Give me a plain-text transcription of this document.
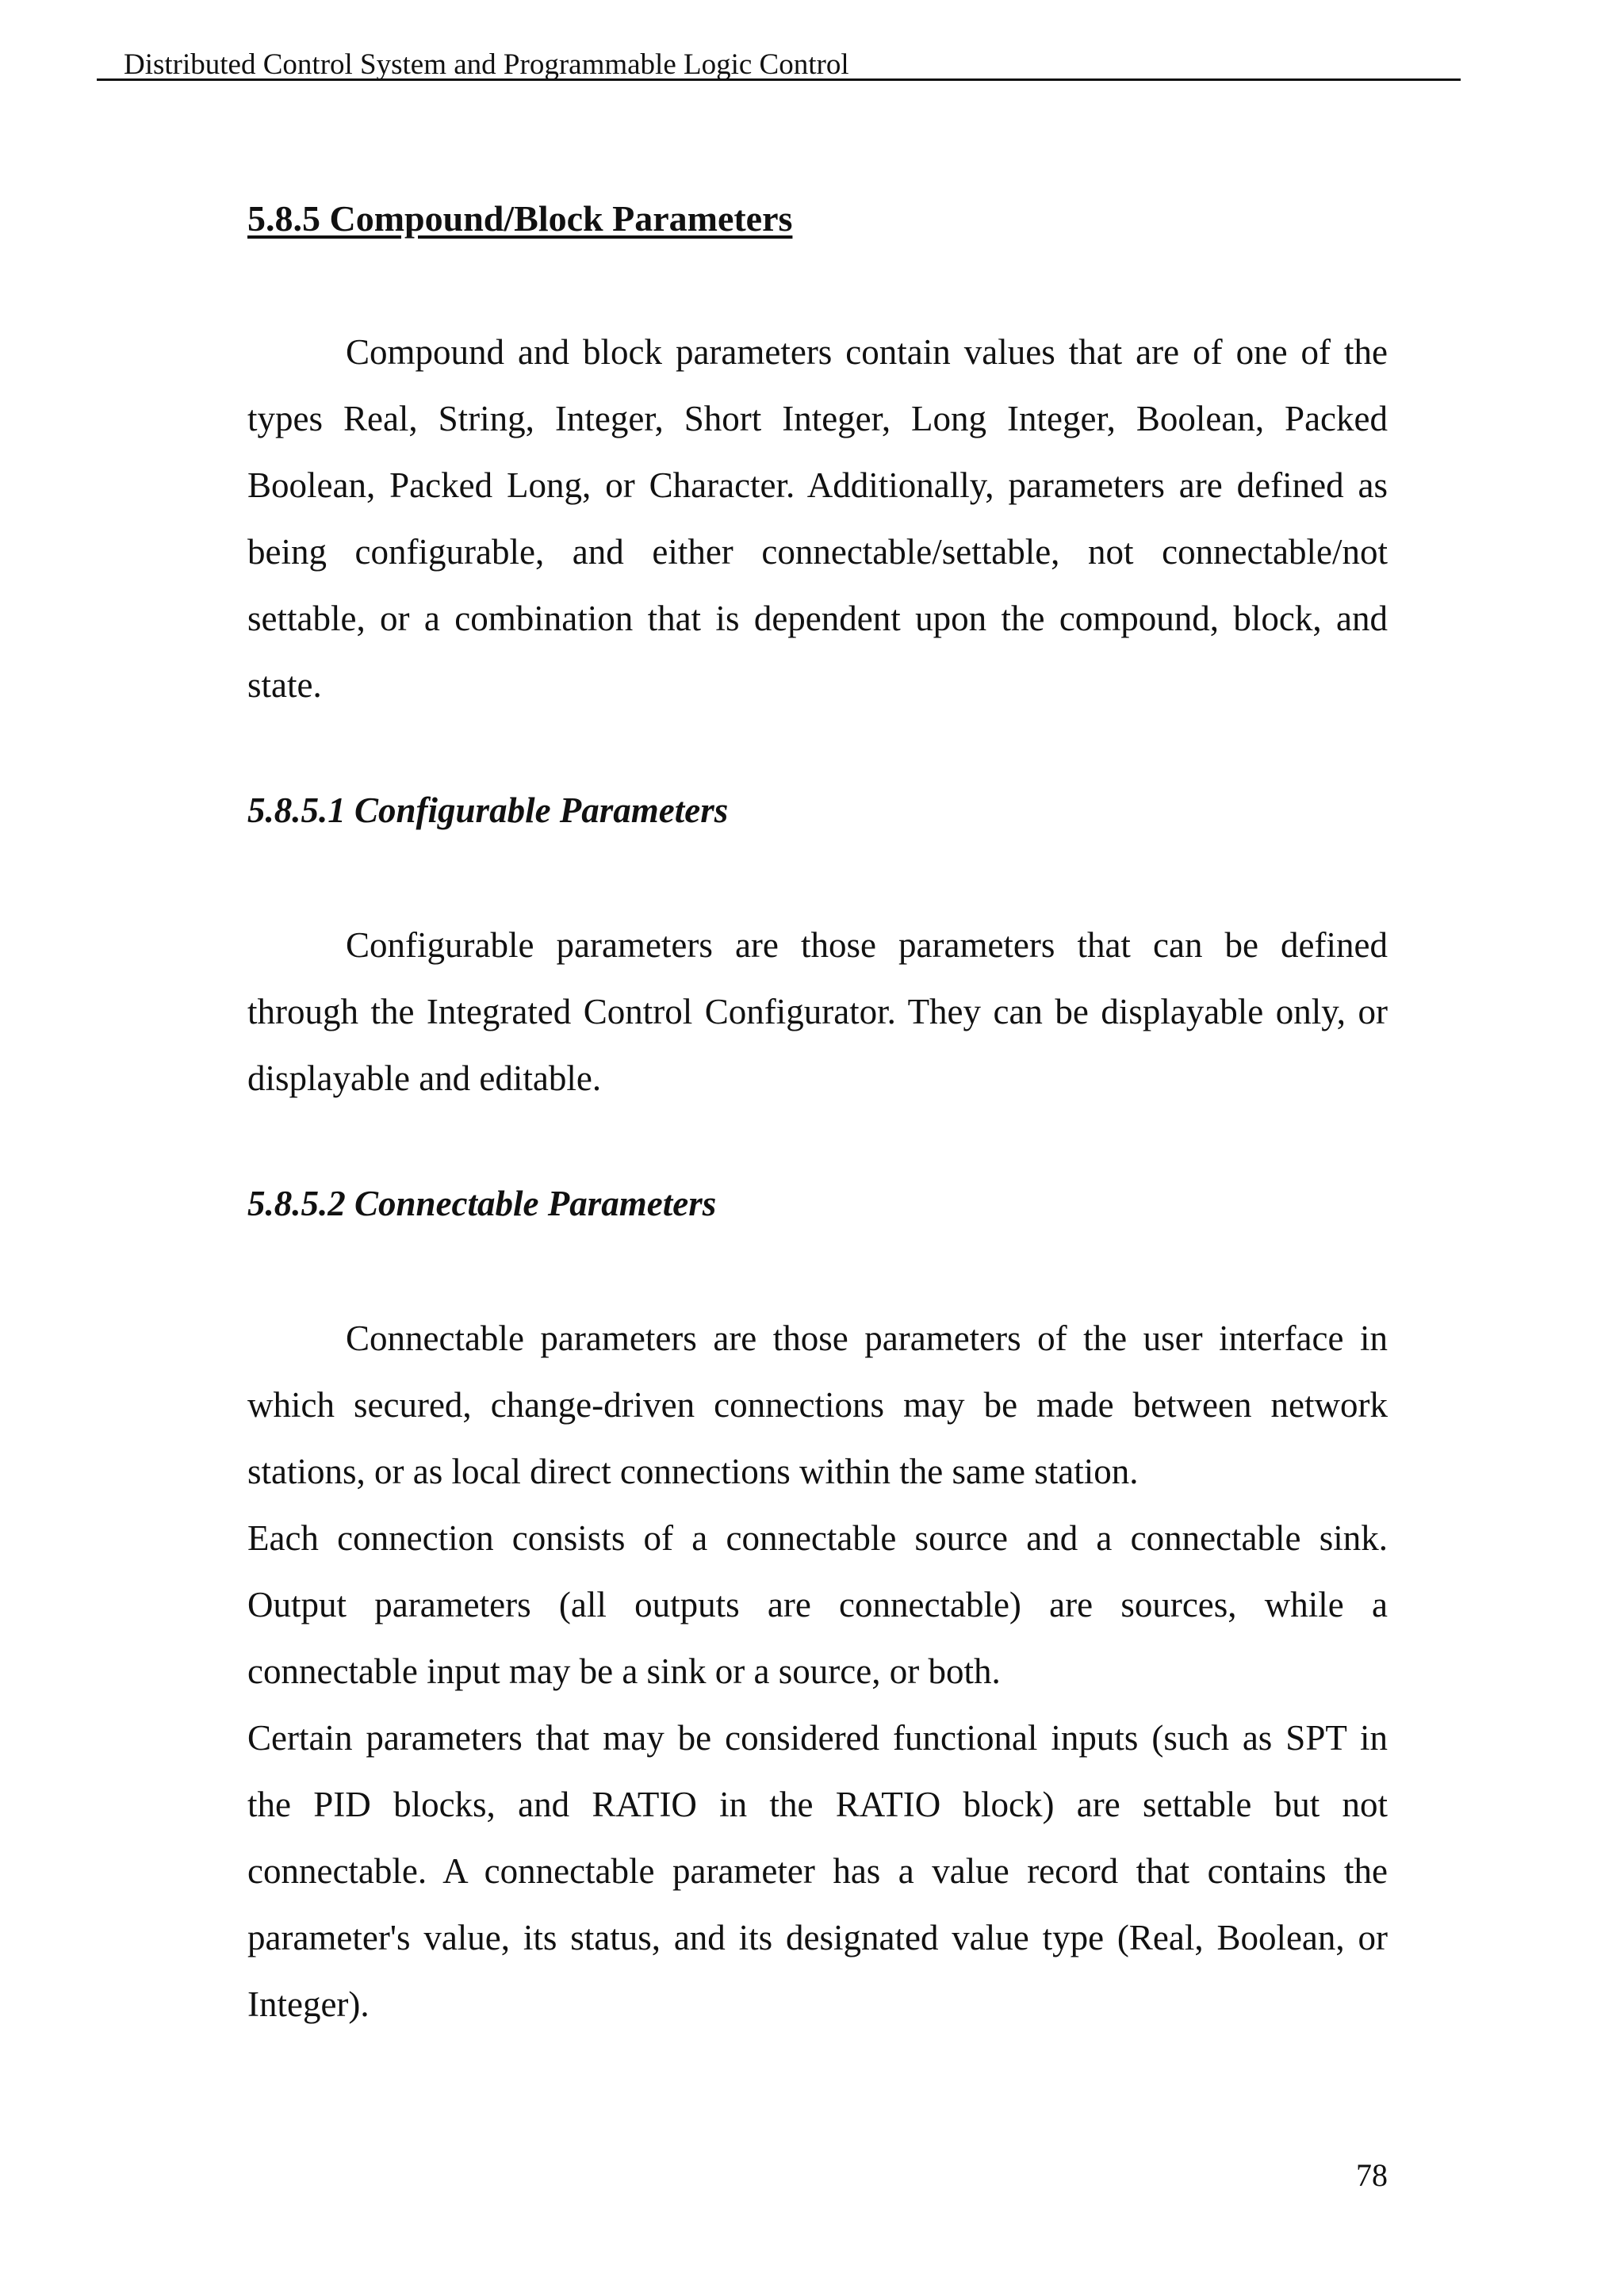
Distributed Control System and Programmable Logic Control
5.8.5 Compound/Block Parameters

Compound and block parameters contain values that are of one of the types Real, String, Integer, Short Integer, Long Integer, Boolean, Packed Boolean, Packed Long, or Character. Additionally, parameters are defined as being configurable, and either connectable/settable, not connectable/not settable, or a combination that is dependent upon the compound, block, and state.

5.8.5.1 Configurable Parameters

Configurable parameters are those parameters that can be defined through the Integrated Control Configurator. They can be displayable only, or displayable and editable.

5.8.5.2 Connectable Parameters

Connectable parameters are those parameters of the user interface in which secured, change-driven connections may be made between network stations, or as local direct connections within the same station.

Each connection consists of a connectable source and a connectable sink. Output parameters (all outputs are connectable) are sources, while a connectable input may be a sink or a source, or both.

Certain parameters that may be considered functional inputs (such as SPT in the PID blocks, and RATIO in the RATIO block) are settable but not connectable. A connectable parameter has a value record that contains the parameter's value, its status, and its designated value type (Real, Boolean, or Integer).

78
